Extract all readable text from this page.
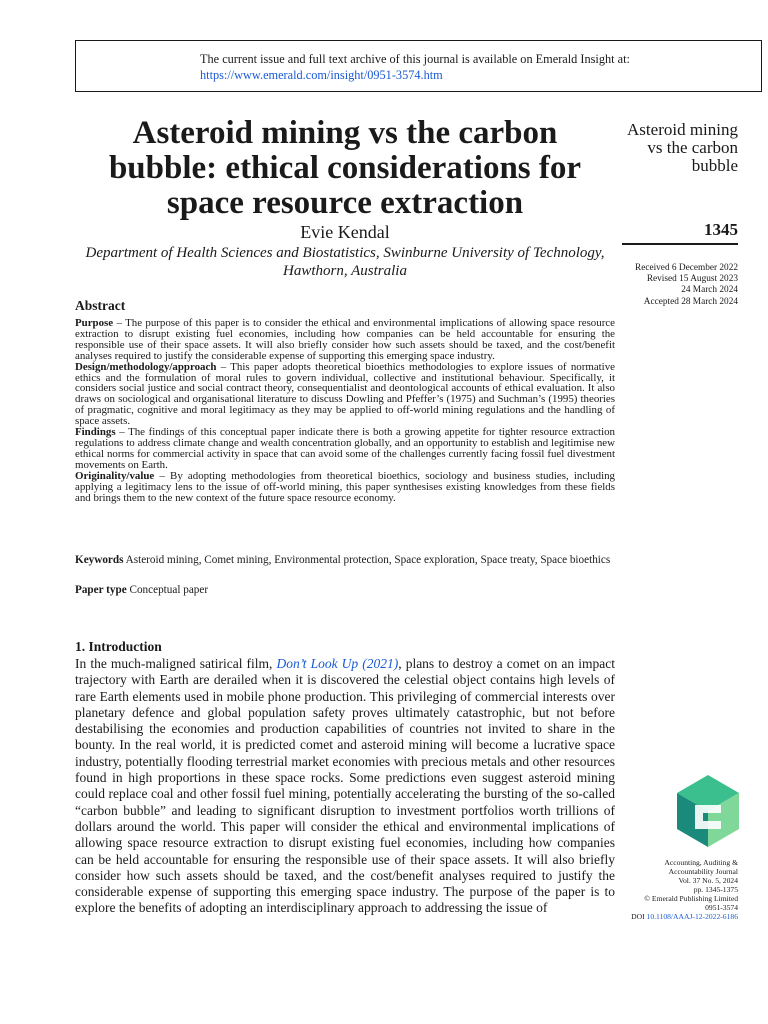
The current issue and full text archive of this journal is available on Emerald Insight at:
https://www.emerald.com/insight/0951-3574.htm
Asteroid mining vs the carbon bubble: ethical considerations for space resource extraction
Evie Kendal
Department of Health Sciences and Biostatistics, Swinburne University of Technology, Hawthorn, Australia
Asteroid mining vs the carbon bubble
1345
Received 6 December 2022
Revised 15 August 2023
24 March 2024
Accepted 28 March 2024
Abstract

Purpose – The purpose of this paper is to consider the ethical and environmental implications of allowing space resource extraction to disrupt existing fuel economies, including how companies can be held accountable for ensuring the responsible use of their space assets. It will also briefly consider how such assets should be taxed, and the cost/benefit analyses required to justify the considerable expense of supporting this emerging space industry.

Design/methodology/approach – This paper adopts theoretical bioethics methodologies to explore issues of normative ethics and the formulation of moral rules to govern individual, collective and institutional behaviour. Specifically, it considers social justice and social contract theory, consequentialist and deontological accounts of ethical evaluation. It also draws on sociological and organisational literature to discuss Dowling and Pfeffer’s (1975) and Suchman’s (1995) theories of pragmatic, cognitive and moral legitimacy as they may be applied to off-world mining regulations and the handling of space assets.

Findings – The findings of this conceptual paper indicate there is both a growing appetite for tighter resource extraction regulations to address climate change and wealth concentration globally, and an opportunity to establish and legitimise new ethical norms for commercial activity in space that can avoid some of the challenges currently facing fossil fuel divestment movements on Earth.

Originality/value – By adopting methodologies from theoretical bioethics, sociology and business studies, including applying a legitimacy lens to the issue of off-world mining, this paper synthesises existing knowledges from these fields and brings them to the new context of the future space resource economy.

Keywords Asteroid mining, Comet mining, Environmental protection, Space exploration, Space treaty, Space bioethics
Paper type Conceptual paper
1. Introduction

In the much-maligned satirical film, Don’t Look Up (2021), plans to destroy a comet on an impact trajectory with Earth are derailed when it is discovered the celestial object contains high levels of rare Earth elements used in mobile phone production. This privileging of commercial interests over planetary defence and global population safety proves ultimately catastrophic, but not before destabilising the economies and production capabilities of countries not invited to share in the bounty. In the real world, it is predicted comet and asteroid mining will become a lucrative space industry, potentially flooding terrestrial market economies with precious metals and other resources found in high proportions in these space rocks. Some predictions even suggest asteroid mining could replace coal and other fossil fuel mining, potentially accelerating the bursting of the so-called “carbon bubble” and leading to significant disruption to investment portfolios worth trillions of dollars around the world. This paper will consider the ethical and environmental implications of allowing space resource extraction to disrupt existing fuel economies, including how companies can be held accountable for ensuring the responsible use of their space assets. It will also briefly consider how such assets should be taxed, and the cost/benefit analyses required to justify the considerable expense of supporting this emerging space industry. The purpose of the paper is to explore the benefits of adopting an interdisciplinary approach to addressing the issue of

Accounting, Auditing &
Accountability Journal
Vol. 37 No. 5, 2024
pp. 1345-1375
© Emerald Publishing Limited
0951-3574
DOI 10.1108/AAAJ-12-2022-6186
